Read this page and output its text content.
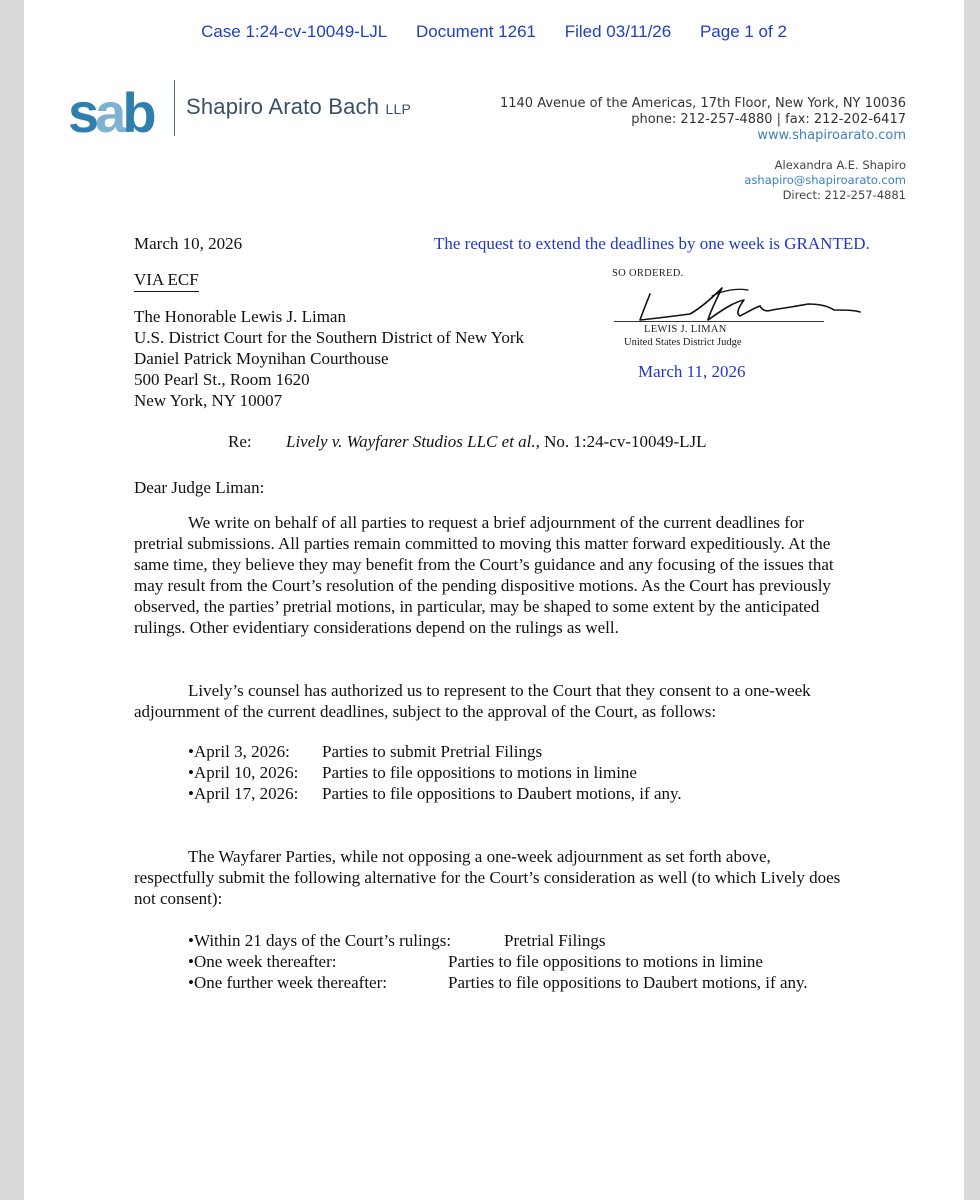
Case 1:24-cv-10049-LJL Document 1261 Filed 03/11/26 Page 1 of 2
sab Shapiro Arato Bach LLP	1140 Avenue of the Americas, 17th Floor, New York, NY 10036
phone: 212-257-4880 | fax: 212-202-6417
www.shapiroarato.com
Alexandra A.E. Shapiro
ashapiro@shapiroarato.com
Direct: 212-257-4881
March 10, 2026	The request to extend the deadlines by one week is GRANTED.
VIA ECF	SO ORDERED.
LEWIS J. LIMAN
United States District Judge
March 11, 2026
The Honorable Lewis J. Liman
U.S. District Court for the Southern District of New York
Daniel Patrick Moynihan Courthouse
500 Pearl St., Room 1620
New York, NY 10007
Re: Lively v. Wayfarer Studios LLC et al., No. 1:24-cv-10049-LJL
Dear Judge Liman:
We write on behalf of all parties to request a brief adjournment of the current deadlines for pretrial submissions. All parties remain committed to moving this matter forward expeditiously. At the same time, they believe they may benefit from the Court’s guidance and any focusing of the issues that may result from the Court’s resolution of the pending dispositive motions. As the Court has previously observed, the parties’ pretrial motions, in particular, may be shaped to some extent by the anticipated rulings. Other evidentiary considerations depend on the rulings as well.
Lively’s counsel has authorized us to represent to the Court that they consent to a one-week adjournment of the current deadlines, subject to the approval of the Court, as follows:
•April 3, 2026: Parties to submit Pretrial Filings
•April 10, 2026: Parties to file oppositions to motions in limine
•April 17, 2026: Parties to file oppositions to Daubert motions, if any.
The Wayfarer Parties, while not opposing a one-week adjournment as set forth above, respectfully submit the following alternative for the Court’s consideration as well (to which Lively does not consent):
•Within 21 days of the Court’s rulings:	Pretrial Filings
•One week thereafter:	Parties to file oppositions to motions in limine
•One further week thereafter:	Parties to file oppositions to Daubert motions, if any.
